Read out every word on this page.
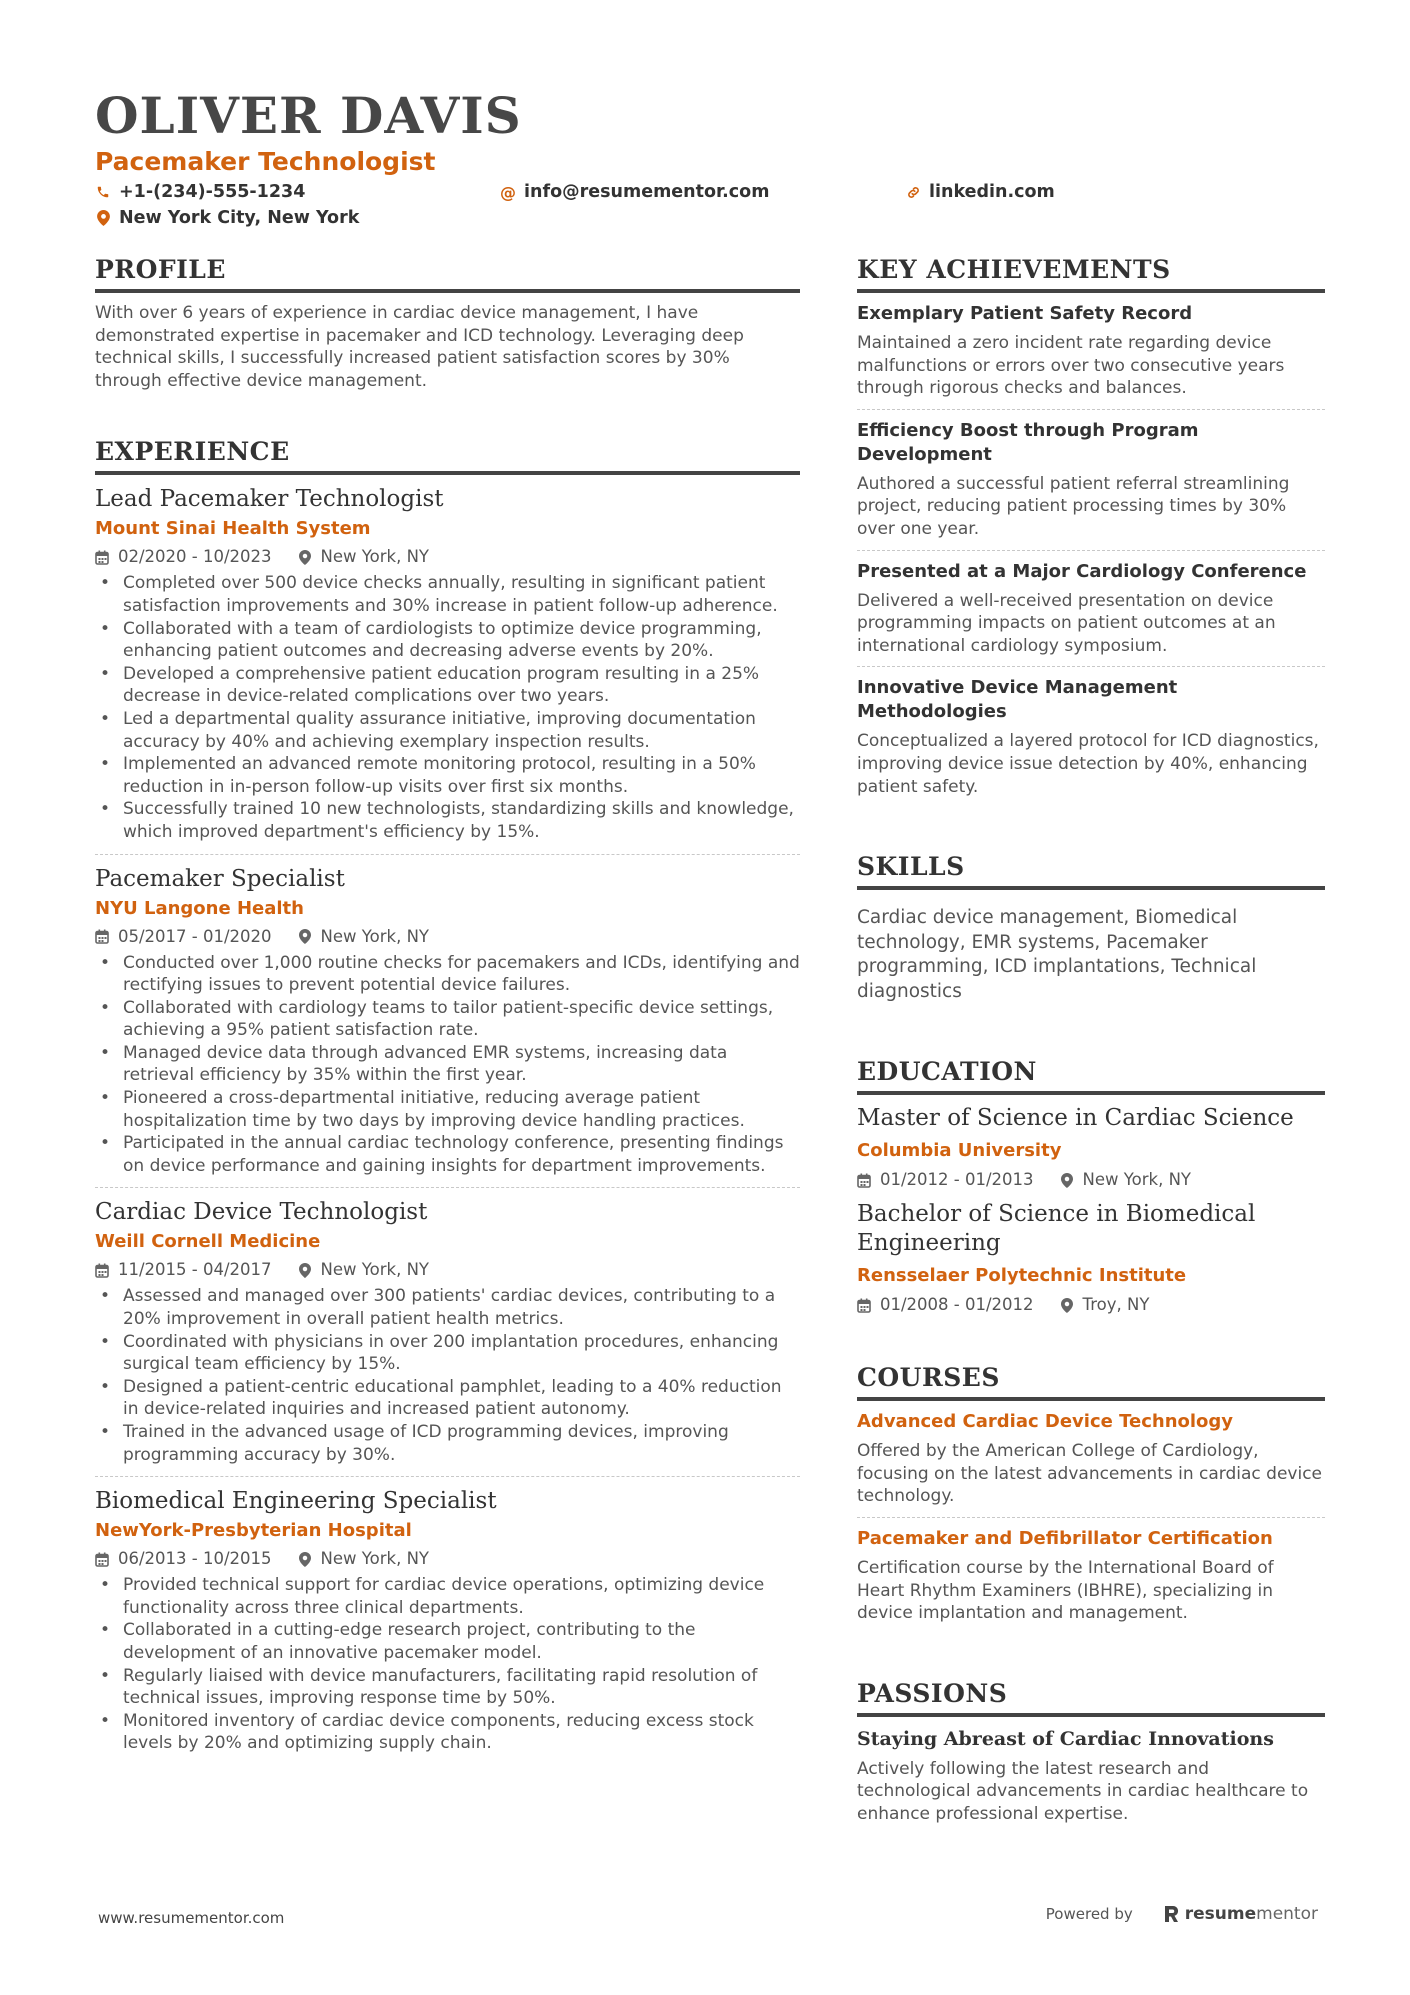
OLIVER DAVIS
Pacemaker Technologist
+1-(234)-555-1234	@ info@resumementor.com	linkedin.com
New York City, New York
PROFILE
With over 6 years of experience in cardiac device management, I have demonstrated expertise in pacemaker and ICD technology. Leveraging deep technical skills, I successfully increased patient satisfaction scores by 30% through effective device management.
EXPERIENCE
Lead Pacemaker Technologist
Mount Sinai Health System
02/2020 - 10/2023	New York, NY
• Completed over 500 device checks annually, resulting in significant patient satisfaction improvements and 30% increase in patient follow-up adherence.
• Collaborated with a team of cardiologists to optimize device programming, enhancing patient outcomes and decreasing adverse events by 20%.
• Developed a comprehensive patient education program resulting in a 25% decrease in device-related complications over two years.
• Led a departmental quality assurance initiative, improving documentation accuracy by 40% and achieving exemplary inspection results.
• Implemented an advanced remote monitoring protocol, resulting in a 50% reduction in in-person follow-up visits over first six months.
• Successfully trained 10 new technologists, standardizing skills and knowledge, which improved department's efficiency by 15%.
Pacemaker Specialist
NYU Langone Health
05/2017 - 01/2020	New York, NY
• Conducted over 1,000 routine checks for pacemakers and ICDs, identifying and rectifying issues to prevent potential device failures.
• Collaborated with cardiology teams to tailor patient-specific device settings, achieving a 95% patient satisfaction rate.
• Managed device data through advanced EMR systems, increasing data retrieval efficiency by 35% within the first year.
• Pioneered a cross-departmental initiative, reducing average patient hospitalization time by two days by improving device handling practices.
• Participated in the annual cardiac technology conference, presenting findings on device performance and gaining insights for department improvements.
Cardiac Device Technologist
Weill Cornell Medicine
11/2015 - 04/2017	New York, NY
• Assessed and managed over 300 patients' cardiac devices, contributing to a 20% improvement in overall patient health metrics.
• Coordinated with physicians in over 200 implantation procedures, enhancing surgical team efficiency by 15%.
• Designed a patient-centric educational pamphlet, leading to a 40% reduction in device-related inquiries and increased patient autonomy.
• Trained in the advanced usage of ICD programming devices, improving programming accuracy by 30%.
Biomedical Engineering Specialist
NewYork-Presbyterian Hospital
06/2013 - 10/2015	New York, NY
• Provided technical support for cardiac device operations, optimizing device functionality across three clinical departments.
• Collaborated in a cutting-edge research project, contributing to the development of an innovative pacemaker model.
• Regularly liaised with device manufacturers, facilitating rapid resolution of technical issues, improving response time by 50%.
• Monitored inventory of cardiac device components, reducing excess stock levels by 20% and optimizing supply chain.
KEY ACHIEVEMENTS
Exemplary Patient Safety Record
Maintained a zero incident rate regarding device malfunctions or errors over two consecutive years through rigorous checks and balances.
Efficiency Boost through Program Development
Authored a successful patient referral streamlining project, reducing patient processing times by 30% over one year.
Presented at a Major Cardiology Conference
Delivered a well-received presentation on device programming impacts on patient outcomes at an international cardiology symposium.
Innovative Device Management Methodologies
Conceptualized a layered protocol for ICD diagnostics, improving device issue detection by 40%, enhancing patient safety.
SKILLS
Cardiac device management, Biomedical technology, EMR systems, Pacemaker programming, ICD implantations, Technical diagnostics
EDUCATION
Master of Science in Cardiac Science
Columbia University
01/2012 - 01/2013	New York, NY
Bachelor of Science in Biomedical Engineering
Rensselaer Polytechnic Institute
01/2008 - 01/2012	Troy, NY
COURSES
Advanced Cardiac Device Technology
Offered by the American College of Cardiology, focusing on the latest advancements in cardiac device technology.
Pacemaker and Defibrillator Certification
Certification course by the International Board of Heart Rhythm Examiners (IBHRE), specializing in device implantation and management.
PASSIONS
Staying Abreast of Cardiac Innovations
Actively following the latest research and technological advancements in cardiac healthcare to enhance professional expertise.
www.resumementor.com	Powered by	resume mentor
